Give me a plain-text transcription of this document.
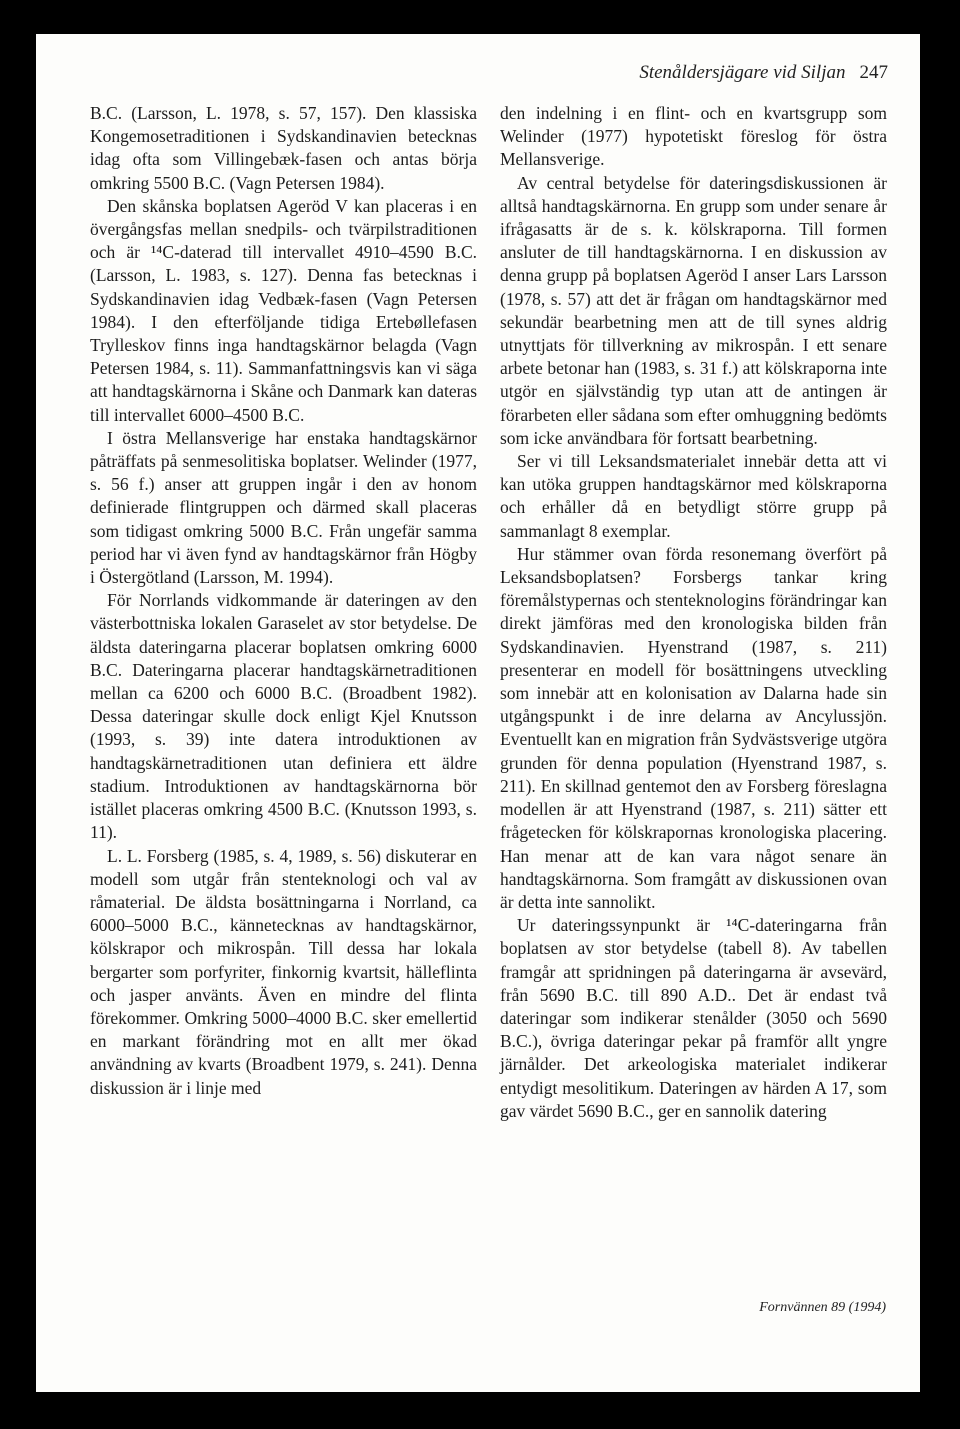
Stenåldersjägare vid Siljan 247

B.C. (Larsson, L. 1978, s. 57, 157). Den klassiska Kongemosetraditionen i Sydskandinavien betecknas idag ofta som Villingebæk-fasen och antas börja omkring 5500 B.C. (Vagn Petersen 1984).

Den skånska boplatsen Ageröd V kan placeras i en övergångsfas mellan snedpils- och tvärpilstraditionen och är ¹⁴C-daterad till intervallet 4910–4590 B.C. (Larsson, L. 1983, s. 127). Denna fas betecknas i Sydskandinavien idag Vedbæk-fasen (Vagn Petersen 1984). I den efterföljande tidiga Ertebøllefasen Trylleskov finns inga handtagskärnor belagda (Vagn Petersen 1984, s. 11). Sammanfattningsvis kan vi säga att handtagskärnorna i Skåne och Danmark kan dateras till intervallet 6000–4500 B.C.

I östra Mellansverige har enstaka handtagskärnor påträffats på senmesolitiska boplatser. Welinder (1977, s. 56 f.) anser att gruppen ingår i den av honom definierade flintgruppen och därmed skall placeras som tidigast omkring 5000 B.C. Från ungefär samma period har vi även fynd av handtagskärnor från Högby i Östergötland (Larsson, M. 1994).

För Norrlands vidkommande är dateringen av den västerbottniska lokalen Garaselet av stor betydelse. De äldsta dateringarna placerar boplatsen omkring 6000 B.C. Dateringarna placerar handtagskärnetraditionen mellan ca 6200 och 6000 B.C. (Broadbent 1982). Dessa dateringar skulle dock enligt Kjel Knutsson (1993, s. 39) inte datera introduktionen av handtagskärnetraditionen utan definiera ett äldre stadium. Introduktionen av handtagskärnorna bör istället placeras omkring 4500 B.C. (Knutsson 1993, s. 11).

L. L. Forsberg (1985, s. 4, 1989, s. 56) diskuterar en modell som utgår från stenteknologi och val av råmaterial. De äldsta bosättningarna i Norrland, ca 6000–5000 B.C., kännetecknas av handtagskärnor, kölskrapor och mikrospån. Till dessa har lokala bergarter som porfyriter, finkornig kvartsit, hälleflinta och jasper använts. Även en mindre del flinta förekommer. Omkring 5000–4000 B.C. sker emellertid en markant förändring mot en allt mer ökad användning av kvarts (Broadbent 1979, s. 241). Denna diskussion är i linje med

den indelning i en flint- och en kvartsgrupp som Welinder (1977) hypotetiskt föreslog för östra Mellansverige.

Av central betydelse för dateringsdiskussionen är alltså handtagskärnorna. En grupp som under senare år ifrågasatts är de s. k. kölskraporna. Till formen ansluter de till handtagskärnorna. I en diskussion av denna grupp på boplatsen Ageröd I anser Lars Larsson (1978, s. 57) att det är frågan om handtagskärnor med sekundär bearbetning men att de till synes aldrig utnyttjats för tillverkning av mikrospån. I ett senare arbete betonar han (1983, s. 31 f.) att kölskraporna inte utgör en självständig typ utan att de antingen är förarbeten eller sådana som efter omhuggning bedömts som icke användbara för fortsatt bearbetning.

Ser vi till Leksandsmaterialet innebär detta att vi kan utöka gruppen handtagskärnor med kölskraporna och erhåller då en betydligt större grupp på sammanlagt 8 exemplar.

Hur stämmer ovan förda resonemang överfört på Leksandsboplatsen? Forsbergs tankar kring föremålstypernas och stenteknologins förändringar kan direkt jämföras med den kronologiska bilden från Sydskandinavien. Hyenstrand (1987, s. 211) presenterar en modell för bosättningens utveckling som innebär att en kolonisation av Dalarna hade sin utgångspunkt i de inre delarna av Ancylussjön. Eventuellt kan en migration från Sydvästsverige utgöra grunden för denna population (Hyenstrand 1987, s. 211). En skillnad gentemot den av Forsberg föreslagna modellen är att Hyenstrand (1987, s. 211) sätter ett frågetecken för kölskrapornas kronologiska placering. Han menar att de kan vara något senare än handtagskärnorna. Som framgått av diskussionen ovan är detta inte sannolikt.

Ur dateringssynpunkt är ¹⁴C-dateringarna från boplatsen av stor betydelse (tabell 8). Av tabellen framgår att spridningen på dateringarna är avsevärd, från 5690 B.C. till 890 A.D.. Det är endast två dateringar som indikerar stenålder (3050 och 5690 B.C.), övriga dateringar pekar på framför allt yngre järnålder. Det arkeologiska materialet indikerar entydigt mesolitikum. Dateringen av härden A 17, som gav värdet 5690 B.C., ger en sannolik datering

Fornvännen 89 (1994)
